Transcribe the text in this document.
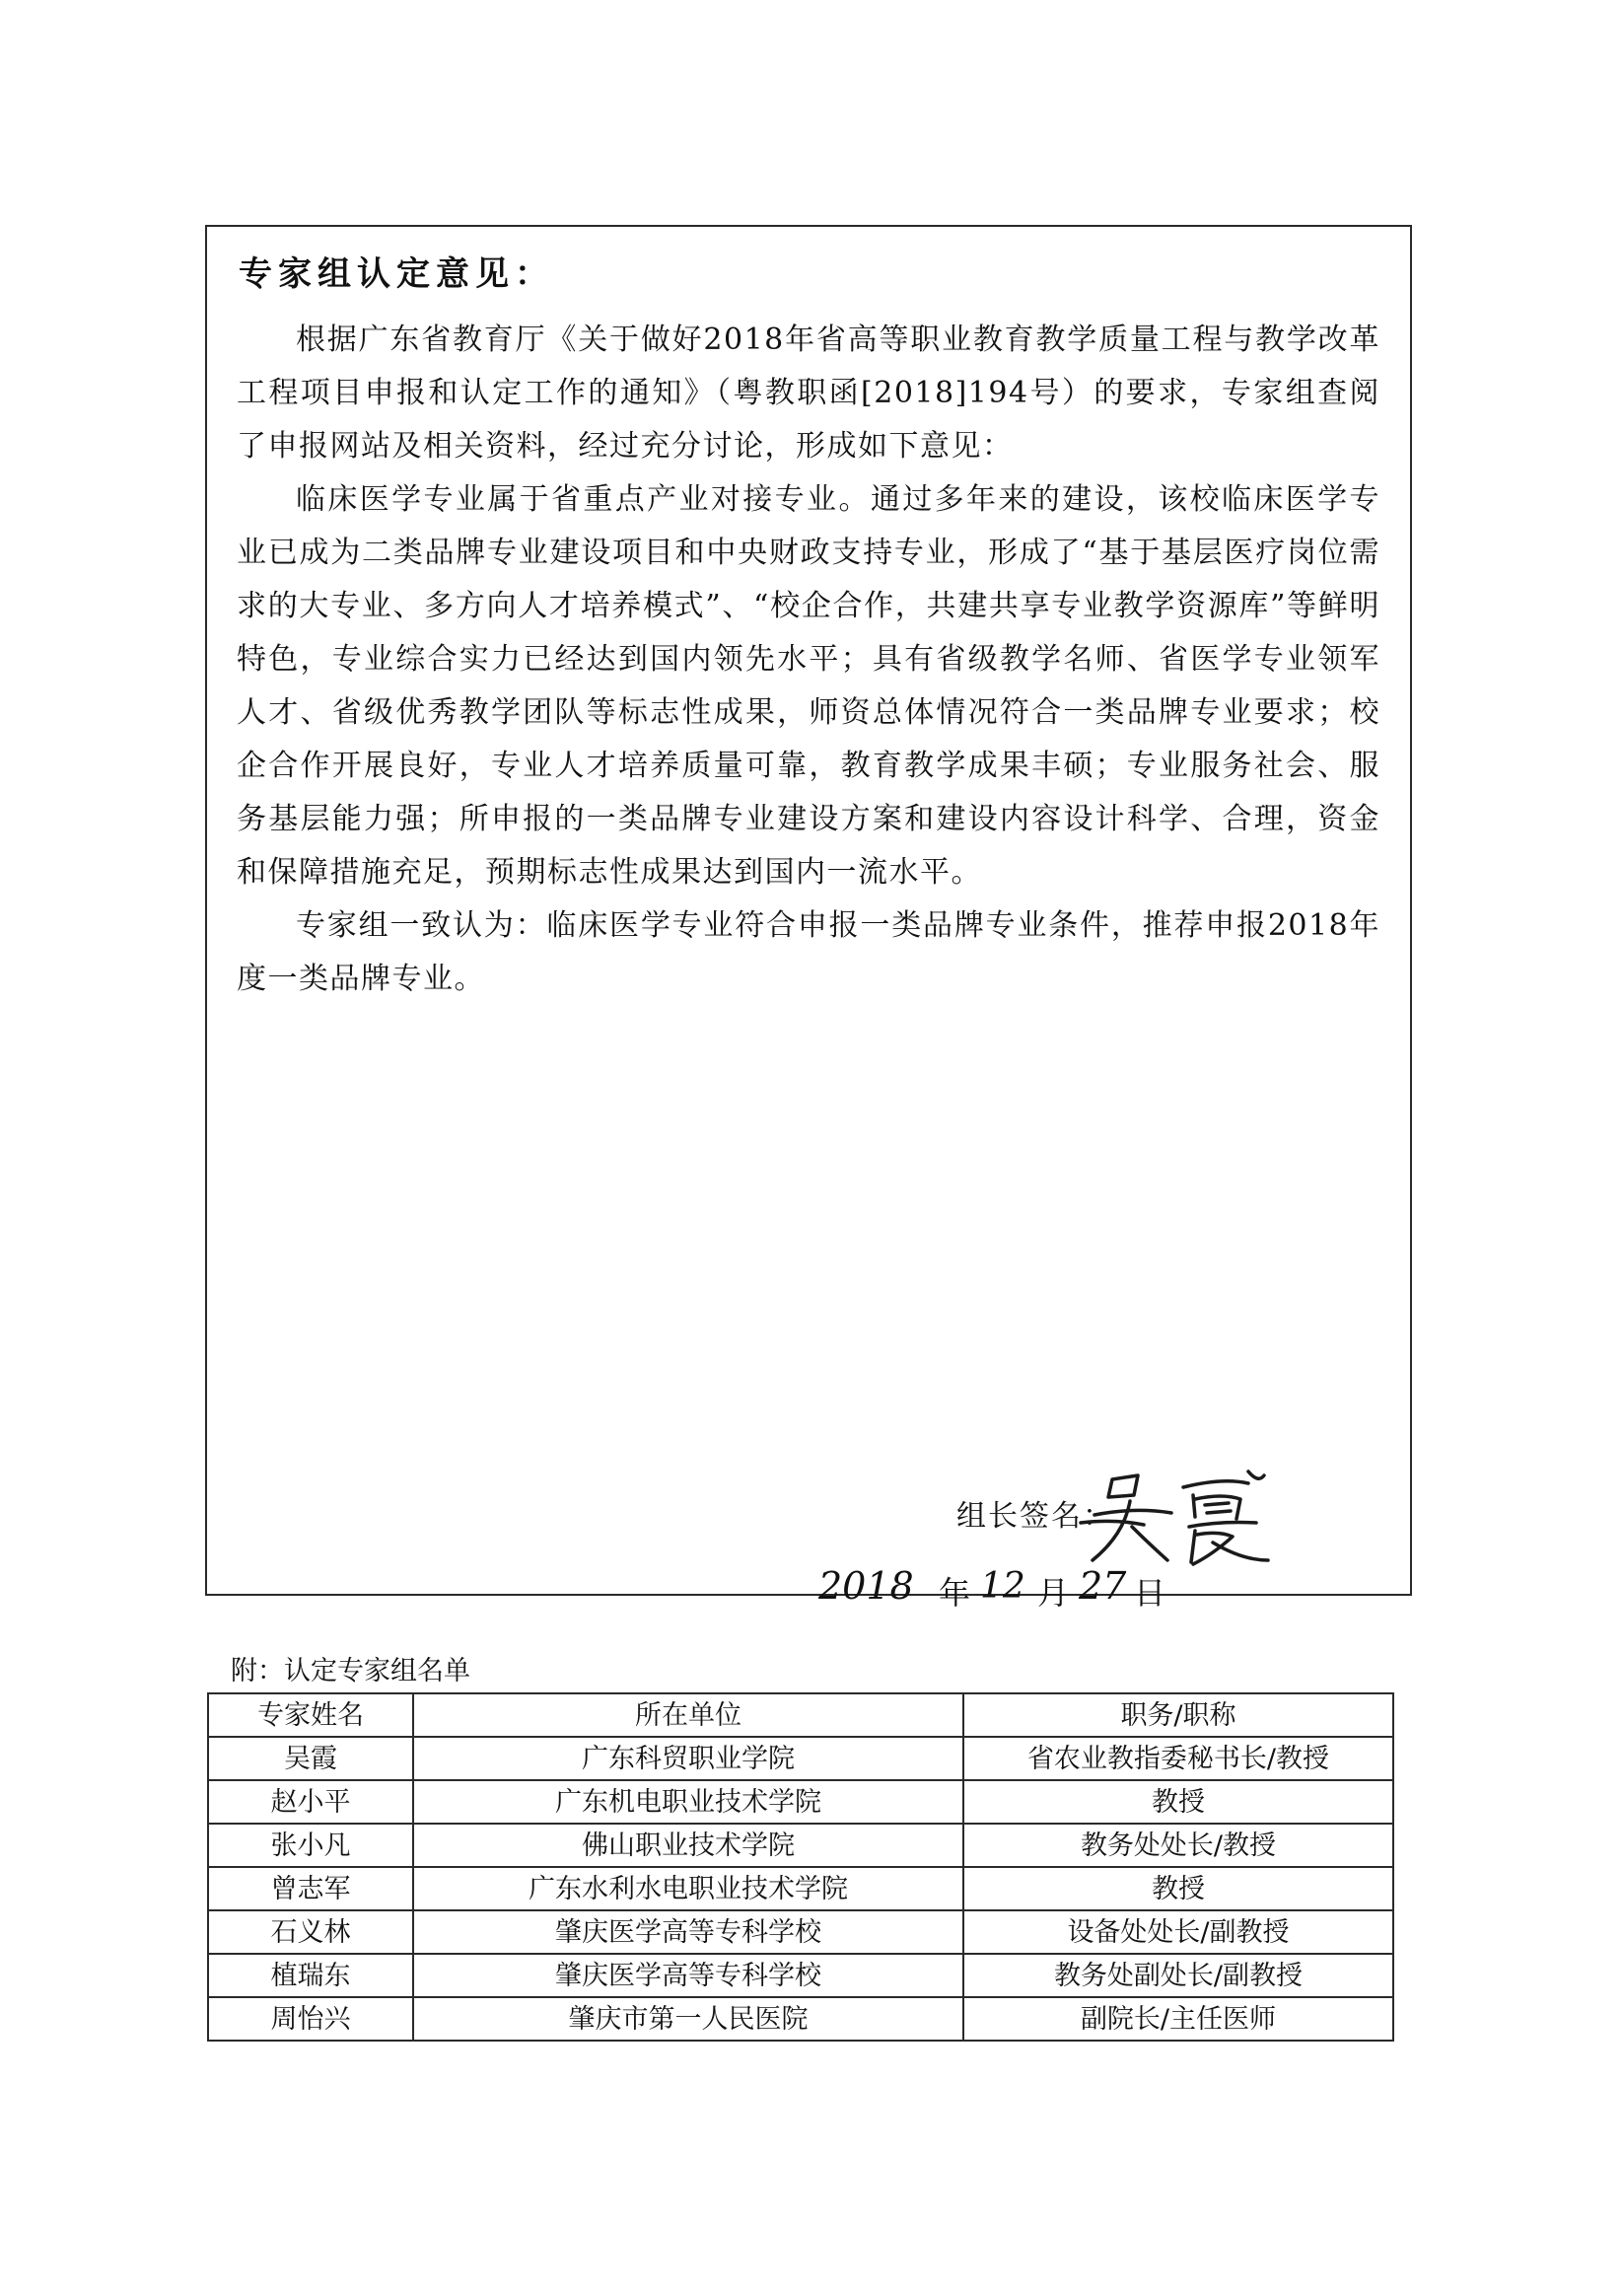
专家组认定意见：

根据广东省教育厅《关于做好2018年省高等职业教育教学质量工程与教学改革工程项目申报和认定工作的通知》（粤教职函[2018]194号）的要求，专家组查阅了申报网站及相关资料，经过充分讨论，形成如下意见：

临床医学专业属于省重点产业对接专业。通过多年来的建设，该校临床医学专业已成为二类品牌专业建设项目和中央财政支持专业，形成了“基于基层医疗岗位需求的大专业、多方向人才培养模式”、“校企合作，共建共享专业教学资源库”等鲜明特色，专业综合实力已经达到国内领先水平；具有省级教学名师、省医学专业领军人才、省级优秀教学团队等标志性成果，师资总体情况符合一类品牌专业要求；校企合作开展良好，专业人才培养质量可靠，教育教学成果丰硕；专业服务社会、服务基层能力强；所申报的一类品牌专业建设方案和建设内容设计科学、合理，资金和保障措施充足，预期标志性成果达到国内一流水平。

专家组一致认为：临床医学专业符合申报一类品牌专业条件，推荐申报2018年度一类品牌专业。

组长签名：
2018 年 12 月 27 日
附：认定专家组名单
专家姓名	所在单位	职务/职称
吴霞	广东科贸职业学院	省农业教指委秘书长/教授
赵小平	广东机电职业技术学院	教授
张小凡	佛山职业技术学院	教务处处长/教授
曾志军	广东水利水电职业技术学院	教授
石义林	肇庆医学高等专科学校	设备处处长/副教授
植瑞东	肇庆医学高等专科学校	教务处副处长/副教授
周怡兴	肇庆市第一人民医院	副院长/主任医师
